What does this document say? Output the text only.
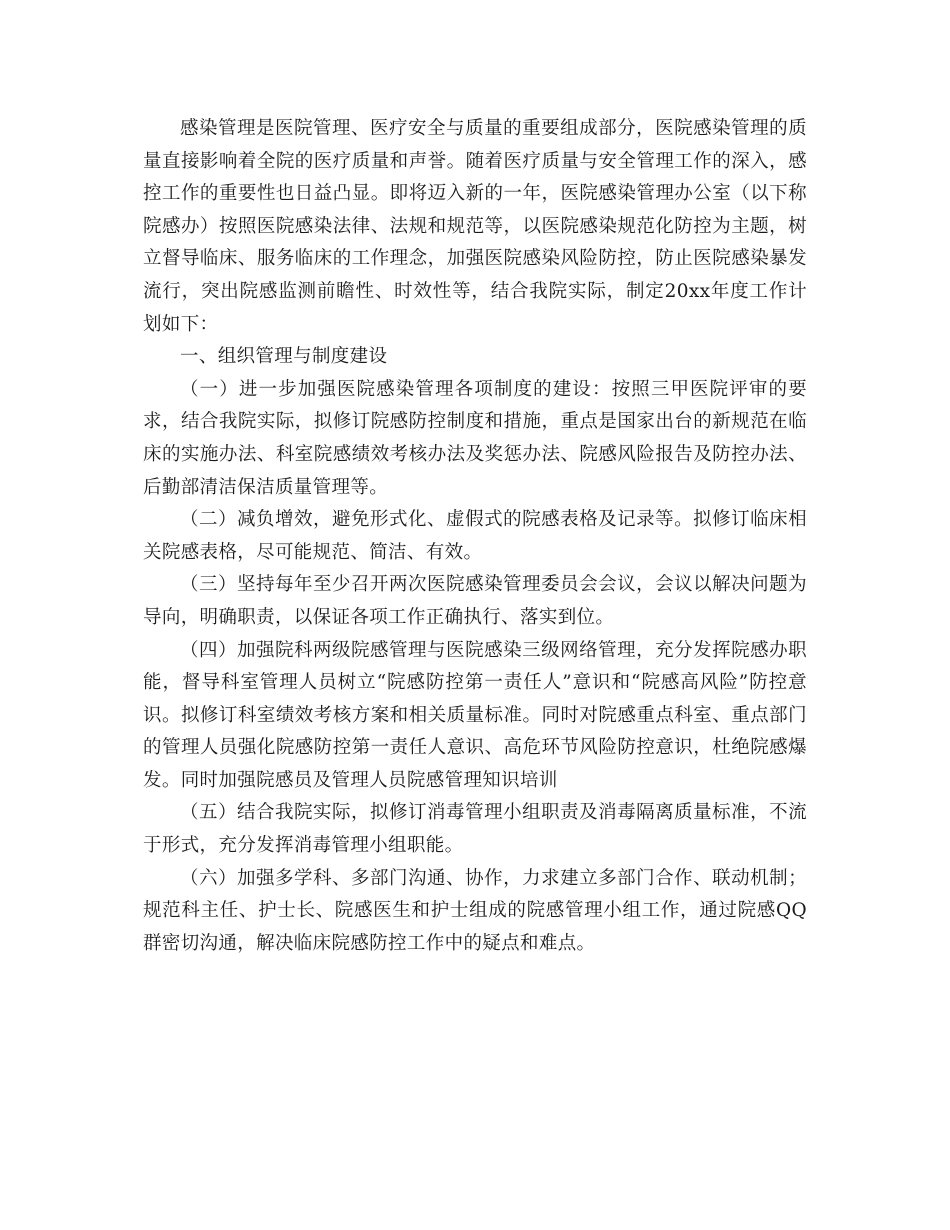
感染管理是医院管理、医疗安全与质量的重要组成部分，医院感染管理的质量直接影响着全院的医疗质量和声誉。随着医疗质量与安全管理工作的深入，感控工作的重要性也日益凸显。即将迈入新的一年，医院感染管理办公室（以下称院感办）按照医院感染法律、法规和规范等，以医院感染规范化防控为主题，树立督导临床、服务临床的工作理念，加强医院感染风险防控，防止医院感染暴发流行，突出院感监测前瞻性、时效性等，结合我院实际，制定20xx年度工作计划如下：

一、组织管理与制度建设

（一）进一步加强医院感染管理各项制度的建设：按照三甲医院评审的要求，结合我院实际，拟修订院感防控制度和措施，重点是国家出台的新规范在临床的实施办法、科室院感绩效考核办法及奖惩办法、院感风险报告及防控办法、后勤部清洁保洁质量管理等。

（二）减负增效，避免形式化、虚假式的院感表格及记录等。拟修订临床相关院感表格，尽可能规范、简洁、有效。

（三）坚持每年至少召开两次医院感染管理委员会会议，会议以解决问题为导向，明确职责，以保证各项工作正确执行、落实到位。

（四）加强院科两级院感管理与医院感染三级网络管理，充分发挥院感办职能，督导科室管理人员树立“院感防控第一责任人”意识和“院感高风险”防控意识。拟修订科室绩效考核方案和相关质量标准。同时对院感重点科室、重点部门的管理人员强化院感防控第一责任人意识、高危环节风险防控意识，杜绝院感爆发。同时加强院感员及管理人员院感管理知识培训

（五）结合我院实际，拟修订消毒管理小组职责及消毒隔离质量标准，不流于形式，充分发挥消毒管理小组职能。

（六）加强多学科、多部门沟通、协作，力求建立多部门合作、联动机制；规范科主任、护士长、院感医生和护士组成的院感管理小组工作，通过院感QQ群密切沟通，解决临床院感防控工作中的疑点和难点。
